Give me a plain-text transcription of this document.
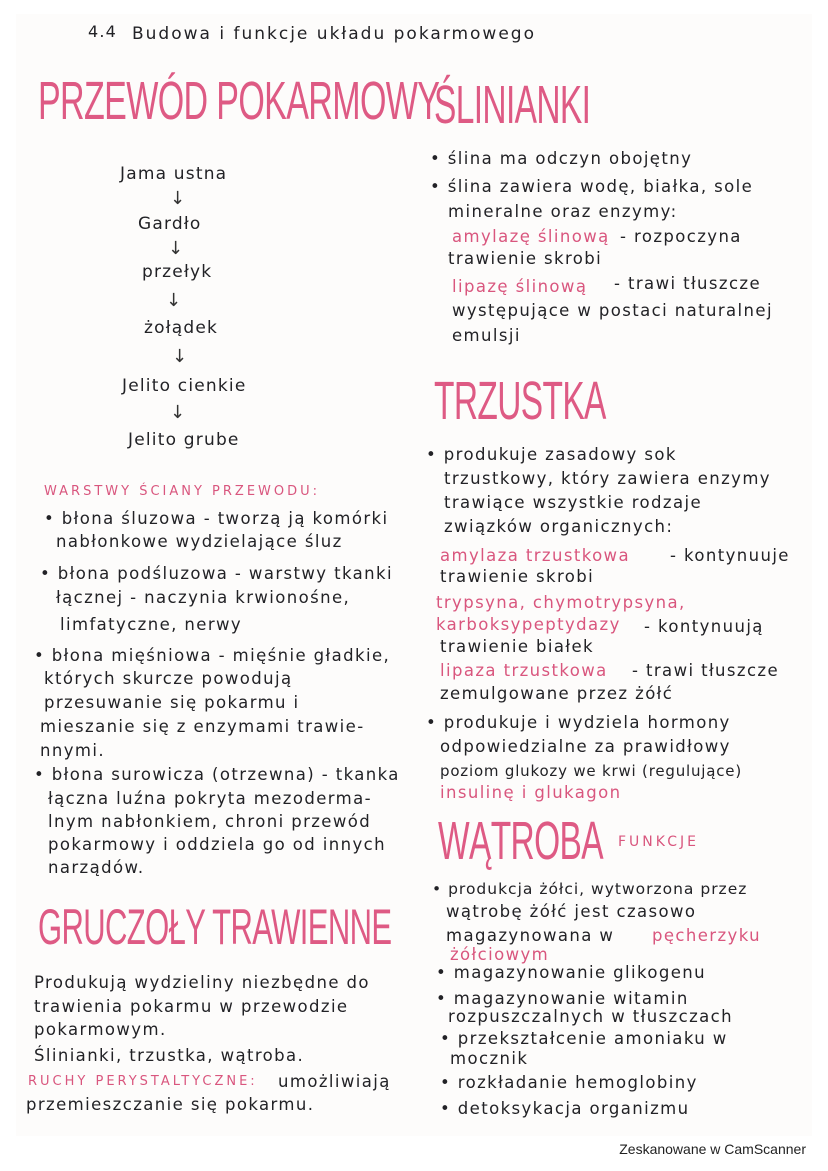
4.4 Budowa i funkcje układu pokarmowego
PRZEWÓD POKARMOWY
Jama ustna
↓
Gardło
↓
przełyk
↓
żołądek
↓
Jelito cienkie
↓
Jelito grube
WARSTWY ŚCIANY PRZEWODU:
• błona śluzowa - tworzą ją komórki
nabłonkowe wydzielające śluz
• błona podśluzowa - warstwy tkanki
łącznej - naczynia krwionośne,
limfatyczne, nerwy
• błona mięśniowa - mięśnie gładkie,
których skurcze powodują
przesuwanie się pokarmu i
mieszanie się z enzymami trawie-
nnymi.
• błona surowicza (otrzewna) - tkanka
łączna luźna pokryta mezoderma-
lnym nabłonkiem, chroni przewód
pokarmowy i oddziela go od innych
narządów.
GRUCZOŁY TRAWIENNE
Produkują wydzieliny niezbędne do
trawienia pokarmu w przewodzie
pokarmowym.
Ślinianki, trzustka, wątroba.
RUCHY PERYSTALTYCZNE: umożliwiają
przemieszczanie się pokarmu.
ŚLINIANKI
• ślina ma odczyn obojętny
• ślina zawiera wodę, białka, sole
mineralne oraz enzymy:
amylazę ślinową - rozpoczyna
trawienie skrobi
lipazę ślinową - trawi tłuszcze
występujące w postaci naturalnej
emulsji
TRZUSTKA
• produkuje zasadowy sok
trzustkowy, który zawiera enzymy
trawiące wszystkie rodzaje
związków organicznych:
amylaza trzustkowa - kontynuuje
trawienie skrobi
trypsyna, chymotrypsyna,
karboksypeptydazy - kontynuują
trawienie białek
lipaza trzustkowa - trawi tłuszcze
zemulgowane przez żółć
• produkuje i wydziela hormony
odpowiedzialne za prawidłowy
poziom glukozy we krwi (regulujące)
insulinę i glukagon
WĄTROBA FUNKCJE
• produkcja żółci, wytworzona przez
wątrobę żółć jest czasowo
magazynowana w pęcherzyku
żółciowym
• magazynowanie glikogenu
• magazynowanie witamin
rozpuszczalnych w tłuszczach
• przekształcenie amoniaku w
mocznik
• rozkładanie hemoglobiny
• detoksykacja organizmu
Zeskanowane w CamScanner
